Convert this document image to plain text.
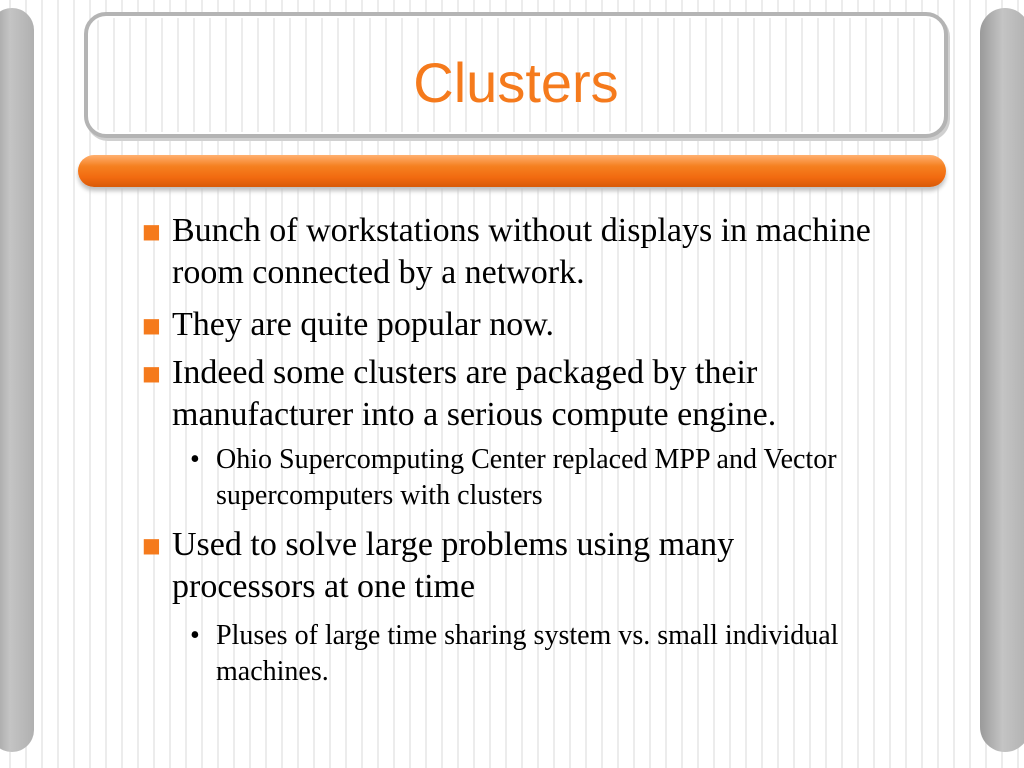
Clusters

■ Bunch of workstations without displays in machine room connected by a network.

■ They are quite popular now.

■ Indeed some clusters are packaged by their manufacturer into a serious compute engine.

• Ohio Supercomputing Center replaced MPP and Vector supercomputers with clusters

■ Used to solve large problems using many processors at one time

• Pluses of large time sharing system vs. small individual machines.
